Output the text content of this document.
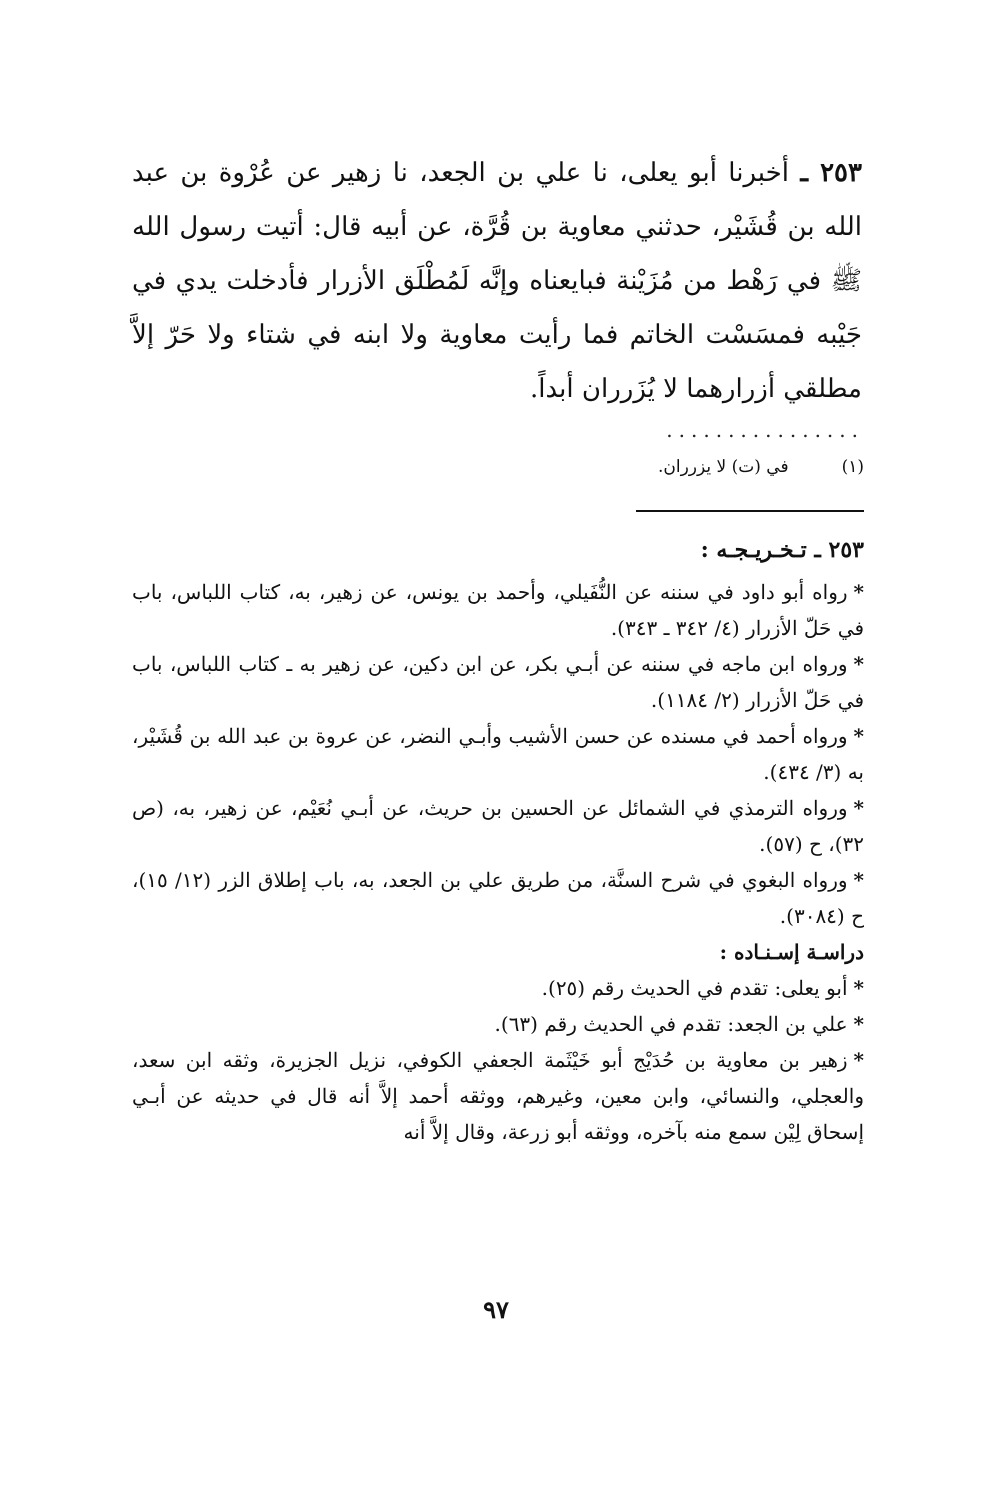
٢٥٣ ـ أخبرنا أبو يعلى، نا علي بن الجعد، نا زهير عن عُرْوة بن عبد الله بن قُشَيْر، حدثني معاوية بن قُرَّة، عن أبيه قال: أتيت رسول الله ﷺ في رَهْط من مُزَيْنة فبايعناه وإنَّه لَمُطْلَق الأزرار فأدخلت يدي في جَيْبه فمسَسْت الخاتم فما رأيت معاوية ولا ابنه في شتاء ولا حَرّ إلاَّ مطلقي أزرارهما لا يُزَرران أبداً.

................
(١) في (ت) لا يزرران.
٢٥٣ ـ تـخـريـجـه :

*رواه أبو داود في سننه عن النُّفَيلي، وأحمد بن يونس، عن زهير، به، كتاب اللباس، باب في حَلّ الأزرار (٤/ ٣٤٢ ـ ٣٤٣).

*ورواه ابن ماجه في سننه عن أبـي بكر، عن ابن دكين، عن زهير به ـ كتاب اللباس، باب في حَلّ الأزرار (٢/ ١١٨٤).

*ورواه أحمد في مسنده عن حسن الأشيب وأبـي النضر، عن عروة بن عبد الله بن قُشَيْر، به (٣/ ٤٣٤).

*ورواه الترمذي في الشمائل عن الحسين بن حريث، عن أبـي نُعَيْم، عن زهير، به، (ص ٣٢)، ح (٥٧).

*ورواه البغوي في شرح السنَّة، من طريق علي بن الجعد، به، باب إطلاق الزر (١٢/ ١٥)، ح (٣٠٨٤).

دراسـة إسـنـاده :

*أبو يعلى: تقدم في الحديث رقم (٢٥).

*علي بن الجعد: تقدم في الحديث رقم (٦٣).

*زهير بن معاوية بن حُدَيْج أبو خَيْثَمة الجعفي الكوفي، نزيل الجزيرة، وثقه ابن سعد، والعجلي، والنسائي، وابن معين، وغيرهم، ووثقه أحمد إلاَّ أنه قال في حديثه عن أبـي إسحاق لِيْن سمع منه بآخره، ووثقه أبو زرعة، وقال إلاَّ أنه

٩٧
